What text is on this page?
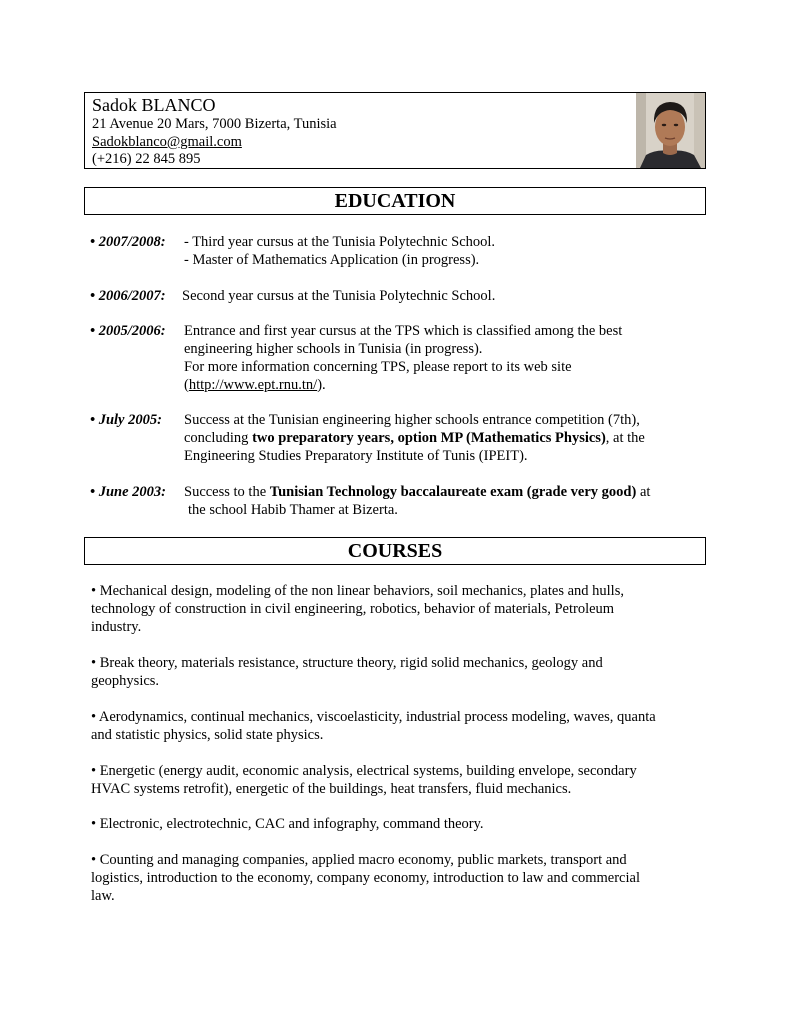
Sadok BLANCO
21 Avenue 20 Mars, 7000 Bizerta, Tunisia
Sadokblanco@gmail.com
(+216) 22 845 895
EDUCATION
• 2007/2008: - Third year cursus at the Tunisia Polytechnic School.
- Master of Mathematics Application (in progress).
• 2006/2007: Second year cursus at the Tunisia Polytechnic School.
• 2005/2006: Entrance and first year cursus at the TPS which is classified among the best
engineering higher schools in Tunisia (in progress).
For more information concerning TPS, please report to its web site
(http://www.ept.rnu.tn/).
• July 2005: Success at the Tunisian engineering higher schools entrance competition (7th),
concluding two preparatory years, option MP (Mathematics Physics), at the
Engineering Studies Preparatory Institute of Tunis (IPEIT).
• June 2003: Success to the Tunisian Technology baccalaureate exam (grade very good) at
the school Habib Thamer at Bizerta.
COURSES
• Mechanical design, modeling of the non linear behaviors, soil mechanics, plates and hulls,
technology of construction in civil engineering, robotics, behavior of materials, Petroleum
industry.
• Break theory, materials resistance, structure theory, rigid solid mechanics, geology and
geophysics.
• Aerodynamics, continual mechanics, viscoelasticity, industrial process modeling, waves, quanta
and statistic physics, solid state physics.
• Energetic (energy audit, economic analysis, electrical systems, building envelope, secondary
HVAC systems retrofit), energetic of the buildings, heat transfers, fluid mechanics.
• Electronic, electrotechnic, CAC and infography, command theory.
• Counting and managing companies, applied macro economy, public markets, transport and
logistics, introduction to the economy, company economy, introduction to law and commercial
law.
